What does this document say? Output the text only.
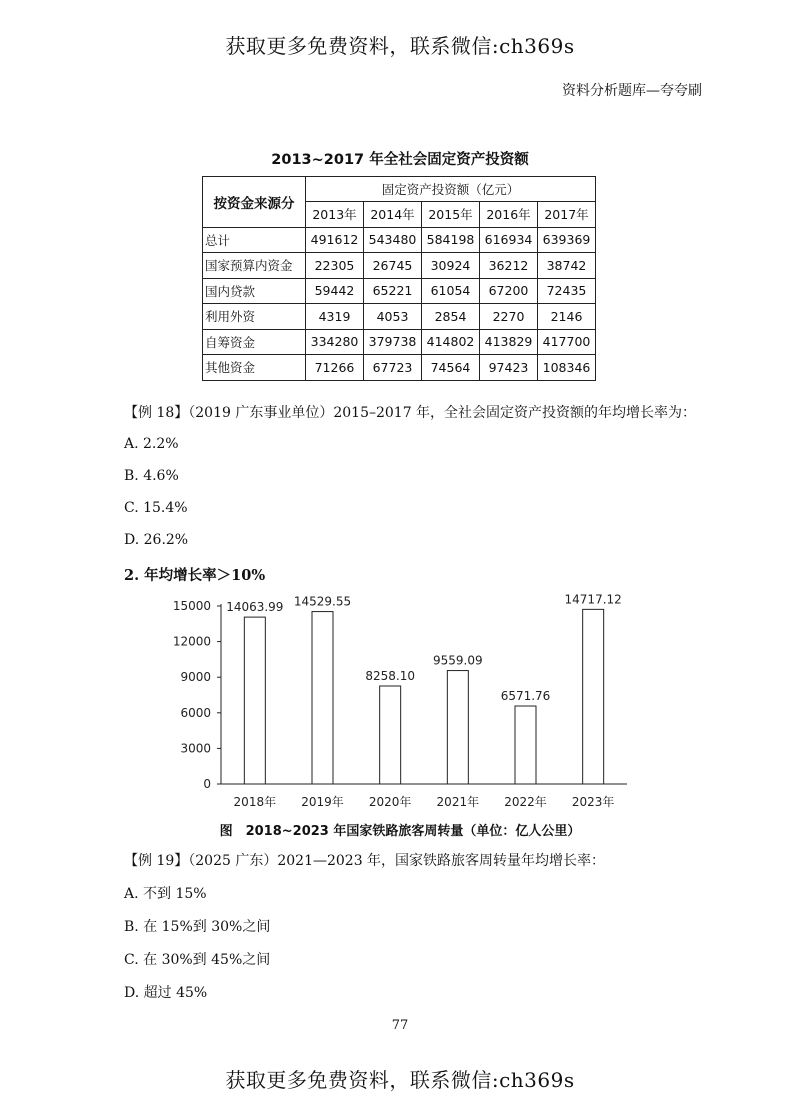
获取更多免费资料，联系微信:ch369s
资料分析题库—夸夸刷
2013~2017 年全社会固定资产投资额
按资金来源分	固定资产投资额（亿元）				
	2013年	2014年	2015年	2016年	2017年
总计	491612	543480	584198	616934	639369
国家预算内资金	22305	26745	30924	36212	38742
国内贷款	59442	65221	61054	67200	72435
利用外资	4319	4053	2854	2270	2146
自筹资金	334280	379738	414802	413829	417700
其他资金	71266	67723	74564	97423	108346
【例 18】（2019 广东事业单位）2015–2017 年，全社会固定资产投资额的年均增长率为：
A. 2.2%
B. 4.6%
C. 15.4%
D. 26.2%
2. 年均增长率＞10%
0
3000
6000
9000
12000
15000 14063.99
2018年
14529.55
2019年
8258.10
2020年
9559.09
2021年
6571.76
2022年
14717.12
2023年
图　2018~2023 年国家铁路旅客周转量（单位：亿人公里）
【例 19】（2025 广东）2021—2023 年，国家铁路旅客周转量年均增长率：
A. 不到 15%
B. 在 15%到 30%之间
C. 在 30%到 45%之间
D. 超过 45%
77
获取更多免费资料，联系微信:ch369s
